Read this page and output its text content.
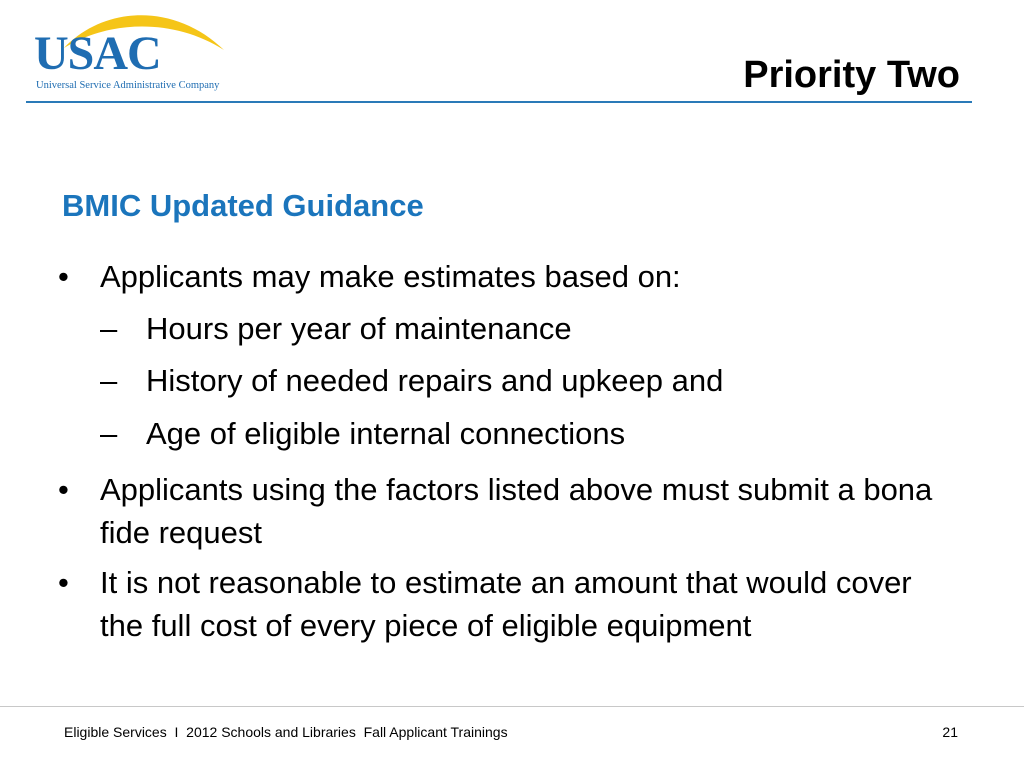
USAC
Universal Service Administrative Company	Priority Two
BMIC Updated Guidance
• Applicants may make estimates based on:
– Hours per year of maintenance
– History of needed repairs and upkeep and
– Age of eligible internal connections
• Applicants using the factors listed above must submit a bona fide request
• It is not reasonable to estimate an amount that would cover the full cost of every piece of eligible equipment
Eligible Services  I  2012 Schools and Libraries  Fall Applicant Trainings	21
